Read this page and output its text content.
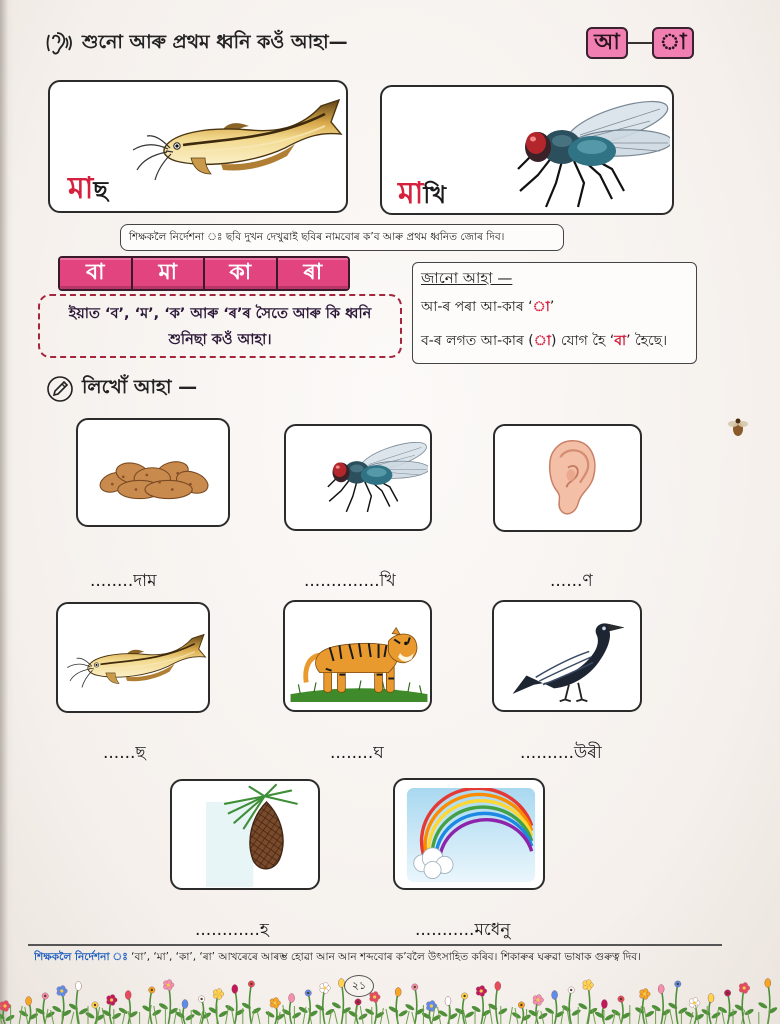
শুনো আৰু প্ৰথম ধ্বনি কওঁ আহা—	আ	া
মাছ	মাখি
শিক্ষকলৈ নিৰ্দেশনা ঃ ছবি দুখন দেখুৱাই ছবিৰ নামবোৰ ক’ব আৰু প্ৰথম ধ্বনিত জোৰ দিব।
বা	মা	কা	ৰা
ইয়াত ‘ব’, ‘ম’, ‘ক’ আৰু ‘ৰ’ৰ সৈতে আৰু কি ধ্বনি
শুনিছা কওঁ আহা।
জানো আহা —
আ-ৰ পৰা আ-কাৰ ‘া’
ব-ৰ লগত আ-কাৰ (া) যোগ হৈ ‘বা’ হৈছে।
লিখোঁ আহা —
........দাম	..............খি	......ণ
......ছ	........ঘ	..........উৰী
............হ	...........মধেনু
শিক্ষকলৈ নিৰ্দেশনা ঃ ‘বা’, ‘মা’, ‘কা’, ‘ৰা’ আখৰেৰে আৰম্ভ হোৱা আন আন শব্দবোৰ ক’বলৈ উৎসাহিত কৰিব। শিকাৰুৰ ঘৰুৱা ভাষাক গুৰুত্ব দিব।
২১
